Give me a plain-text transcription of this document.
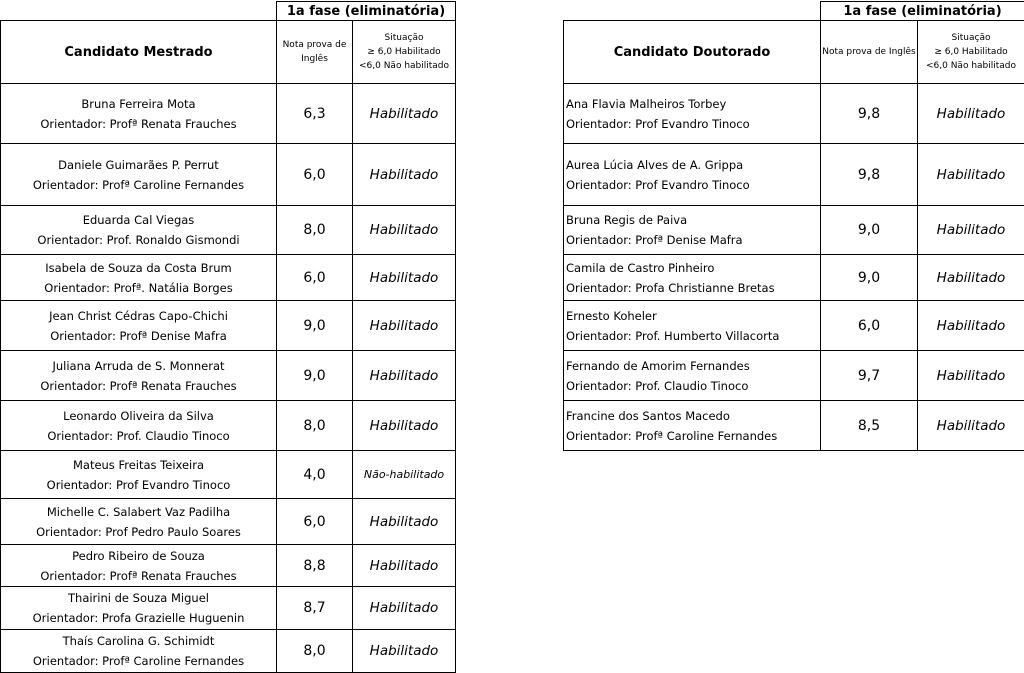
	1a fase (eliminatória)	
Candidato Mestrado	Nota prova de Inglês	Situação
≥ 6,0 Habilitado
<6,0 Não habilitado

Bruna Ferreira Mota
Orientador: Profª Renata Frauches	6,3	Habilitado

Daniele Guimarães P. Perrut
Orientador: Profª Caroline Fernandes	6,0	Habilitado

Eduarda Cal Viegas
Orientador: Prof. Ronaldo Gismondi	8,0	Habilitado

Isabela de Souza da Costa Brum
Orientador: Profª. Natália Borges	6,0	Habilitado

Jean Christ Cédras Capo-Chichi
Orientador: Profª Denise Mafra	9,0	Habilitado

Juliana Arruda de S. Monnerat
Orientador: Profª Renata Frauches	9,0	Habilitado

Leonardo Oliveira da Silva
Orientador: Prof. Claudio Tinoco	8,0	Habilitado

Mateus Freitas Teixeira
Orientador: Prof Evandro Tinoco	4,0	Não-habilitado

Michelle C. Salabert Vaz Padilha
Orientador: Prof Pedro Paulo Soares	6,0	Habilitado

Pedro Ribeiro de Souza
Orientador: Profª Renata Frauches	8,8	Habilitado

Thairini de Souza Miguel
Orientador: Profa Grazielle Huguenin	8,7	Habilitado

Thaís Carolina G. Schimidt
Orientador: Profª Caroline Fernandes	8,0	Habilitado
	1a fase (eliminatória)	
Candidato Doutorado	Nota prova de Inglês	Situação
≥ 6,0 Habilitado
<6,0 Não habilitado

Ana Flavia Malheiros Torbey
Orientador: Prof Evandro Tinoco	9,8	Habilitado

Aurea Lúcia Alves de A. Grippa
Orientador: Prof Evandro Tinoco	9,8	Habilitado

Bruna Regis de Paiva
Orientador: Profª Denise Mafra	9,0	Habilitado

Camila de Castro Pinheiro
Orientador: Profa Christianne Bretas	9,0	Habilitado

Ernesto Koheler
Orientador: Prof. Humberto Villacorta	6,0	Habilitado

Fernando de Amorim Fernandes
Orientador: Prof. Claudio Tinoco	9,7	Habilitado

Francine dos Santos Macedo
Orientador: Profª Caroline Fernandes	8,5	Habilitado
